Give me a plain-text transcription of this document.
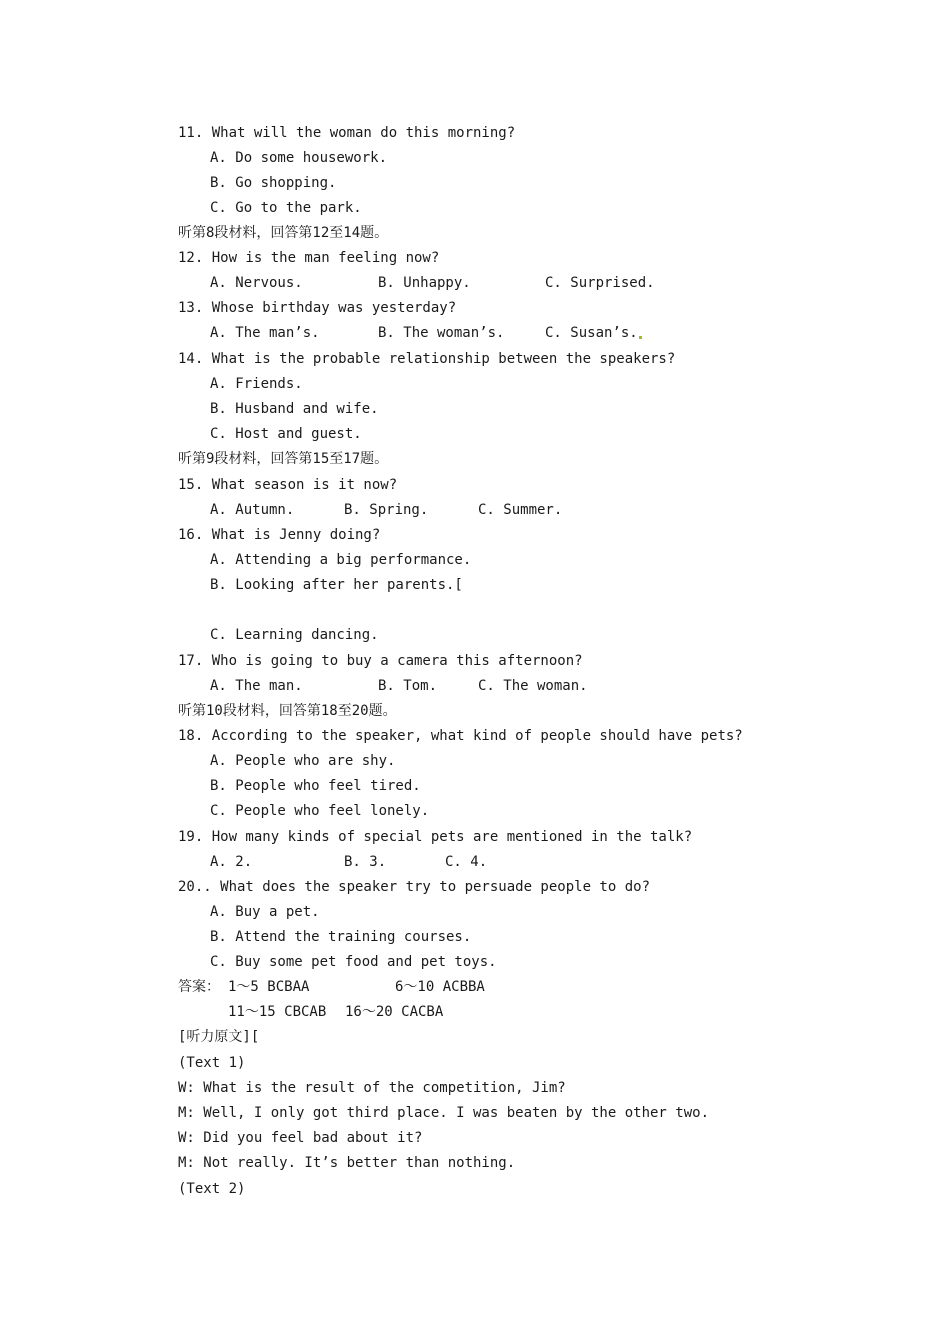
11. What will the woman do this morning?
A. Do some housework.
B. Go shopping.
C. Go to the park.
听第8段材料，回答第12至14题。
12. How is the man feeling now?

A. Nervous.

	B. Unhappy.

	C. Surprised.

13. Whose birthday was yesterday?

A. The man’s.

	B. The woman’s.

	C. Susan’s.

14. What is the probable relationship between the speakers?
A. Friends.
B. Husband and wife.
C. Host and guest.
听第9段材料，回答第15至17题。
15. What season is it now?

A. Autumn.

	B. Spring.

	C. Summer.

16. What is Jenny doing?
A. Attending a big performance.
B. Looking after her parents.[
C. Learning dancing.
17. Who is going to buy a camera this afternoon?

A. The man.

	B. Tom.

	C. The woman.

听第10段材料，回答第18至20题。
18. According to the speaker, what kind of people should have pets?
A. People who are shy.
B. People who feel tired.
C. People who feel lonely.
19. How many kinds of special pets are mentioned in the talk?

A. 2.

	B. 3.

	C. 4.

20.. What does the speaker try to persuade people to do?
A. Buy a pet.
B. Attend the training courses.
C. Buy some pet food and pet toys.

答案：

1～5 BCBAA

	6～10 ACBBA

11～15 CBCAB

16～20 CACBA

[听力原文][
(Text 1)
W: What is the result of the competition, Jim?
M: Well, I only got third place. I was beaten by the other two.
W: Did you feel bad about it?
M: Not really. It’s better than nothing.
(Text 2)
